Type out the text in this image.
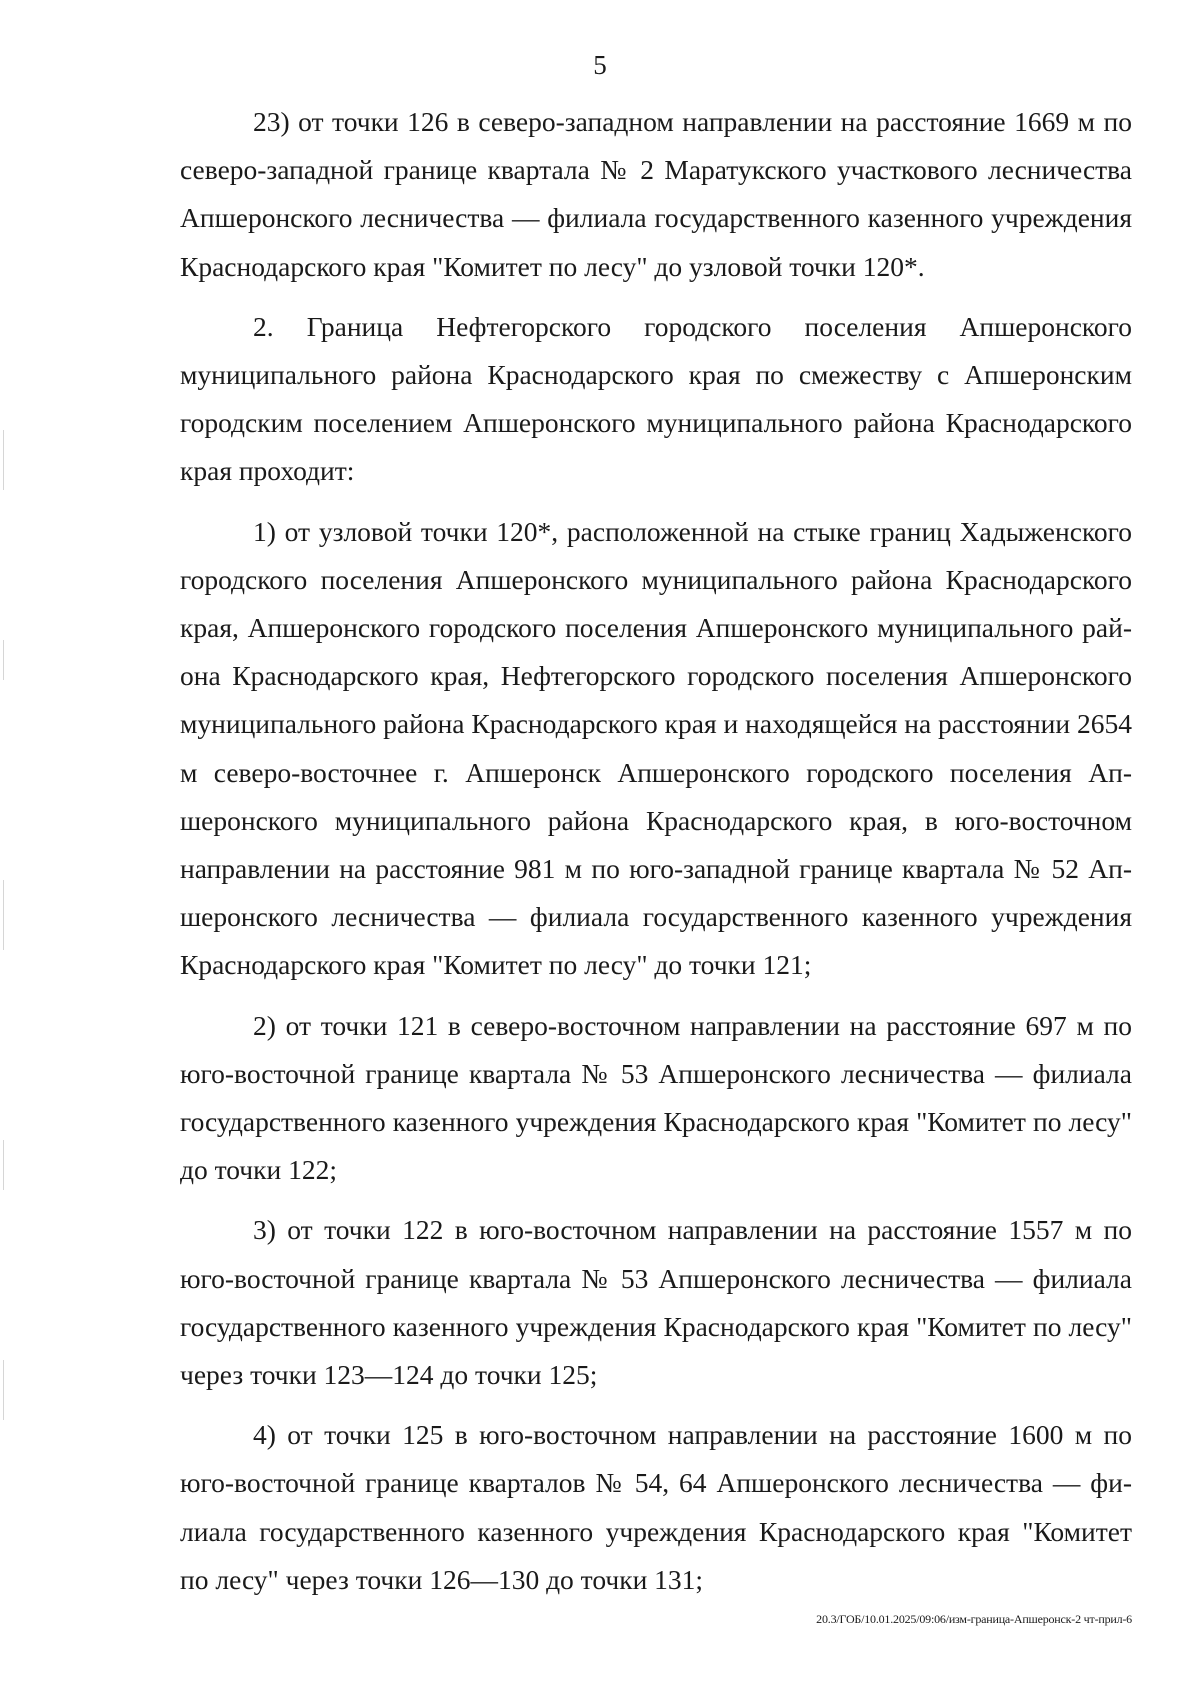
5

23) от точки 126 в северо-западном направлении на расстояние 1669 м по северо-западной границе квартала № 2 Маратукского участкового лесничества Апшеронского лесничества — филиала государственного казенного учреждения Краснодарского края "Комитет по лесу" до узловой точки 120*.

2. Граница Нефтегорского городского поселения Апшеронского муниципального района Краснодарского края по смежеству с Апшеронским городским поселением Апшеронского муниципального района Краснодарского края проходит:

1) от узловой точки 120*, расположенной на стыке границ Хадыженского городского поселения Апшеронского муниципального района Краснодарского края, Апшеронского городского поселения Апшеронского муниципального района Краснодарского края, Нефтегорского городского поселения Апшеронского муниципального района Краснодарского края и находящейся на расстоянии 2654 м северо-восточнее г. Апшеронск Апшеронского городского поселения Апшеронского муниципального района Краснодарского края, в юго-восточном направлении на расстояние 981 м по юго-западной границе квартала № 52 Апшеронского лесничества — филиала государственного казенного учреждения Краснодарского края "Комитет по лесу" до точки 121;

2) от точки 121 в северо-восточном направлении на расстояние 697 м по юго-восточной границе квартала № 53 Апшеронского лесничества — филиала государственного казенного учреждения Краснодарского края "Комитет по лесу" до точки 122;

3) от точки 122 в юго-восточном направлении на расстояние 1557 м по юго-восточной границе квартала № 53 Апшеронского лесничества — филиала государственного казенного учреждения Краснодарского края "Комитет по лесу" через точки 123—124 до точки 125;

4) от точки 125 в юго-восточном направлении на расстояние 1600 м по юго-восточной границе кварталов № 54, 64 Апшеронского лесничества — филиала государственного казенного учреждения Краснодарского края "Комитет по лесу" через точки 126—130 до точки 131;

20.3/ГОБ/10.01.2025/09:06/изм-граница-Апшеронск-2 чт-прил-6
